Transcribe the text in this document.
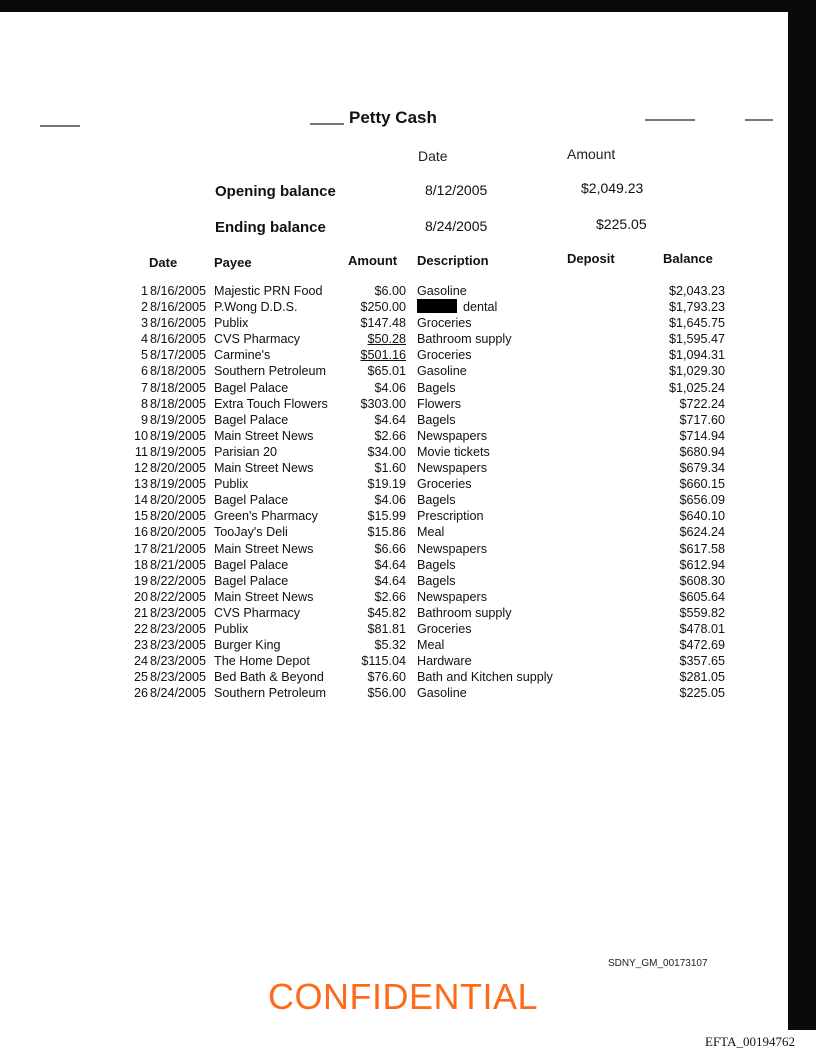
Petty Cash
Date	Amount
Opening balance	8/12/2005	$2,049.23
Ending balance	8/24/2005	$225.05
Date	Payee	Amount Description	Deposit	Balance
1 8/16/2005 Majestic PRN Food	$6.00 Gasoline	$2,043.23
2 8/16/2005 P.Wong D.D.S.	$250.00	dental	$1,793.23
3 8/16/2005 Publix	$147.48 Groceries	$1,645.75
4 8/16/2005 CVS Pharmacy	$50.28 Bathroom supply	$1,595.47
5 8/17/2005 Carmine's	$501.16 Groceries	$1,094.31
6 8/18/2005 Southern Petroleum	$65.01 Gasoline	$1,029.30
7 8/18/2005 Bagel Palace	$4.06 Bagels	$1,025.24
8 8/18/2005 Extra Touch Flowers	$303.00 Flowers	$722.24
9 8/19/2005 Bagel Palace	$4.64 Bagels	$717.60
10 8/19/2005 Main Street News	$2.66 Newspapers	$714.94
11 8/19/2005 Parisian 20	$34.00 Movie tickets	$680.94
12 8/20/2005 Main Street News	$1.60 Newspapers	$679.34
13 8/19/2005 Publix	$19.19 Groceries	$660.15
14 8/20/2005 Bagel Palace	$4.06 Bagels	$656.09
15 8/20/2005 Green's Pharmacy	$15.99 Prescription	$640.10
16 8/20/2005 TooJay's Deli	$15.86 Meal	$624.24
17 8/21/2005 Main Street News	$6.66 Newspapers	$617.58
18 8/21/2005 Bagel Palace	$4.64 Bagels	$612.94
19 8/22/2005 Bagel Palace	$4.64 Bagels	$608.30
20 8/22/2005 Main Street News	$2.66 Newspapers	$605.64
21 8/23/2005 CVS Pharmacy	$45.82 Bathroom supply	$559.82
22 8/23/2005 Publix	$81.81 Groceries	$478.01
23 8/23/2005 Burger King	$5.32 Meal	$472.69
24 8/23/2005 The Home Depot	$115.04 Hardware	$357.65
25 8/23/2005 Bed Bath & Beyond	$76.60 Bath and Kitchen supply	$281.05
26 8/24/2005 Southern Petroleum	$56.00 Gasoline	$225.05
SDNY_GM_00173107
CONFIDENTIAL
EFTA_00194762
